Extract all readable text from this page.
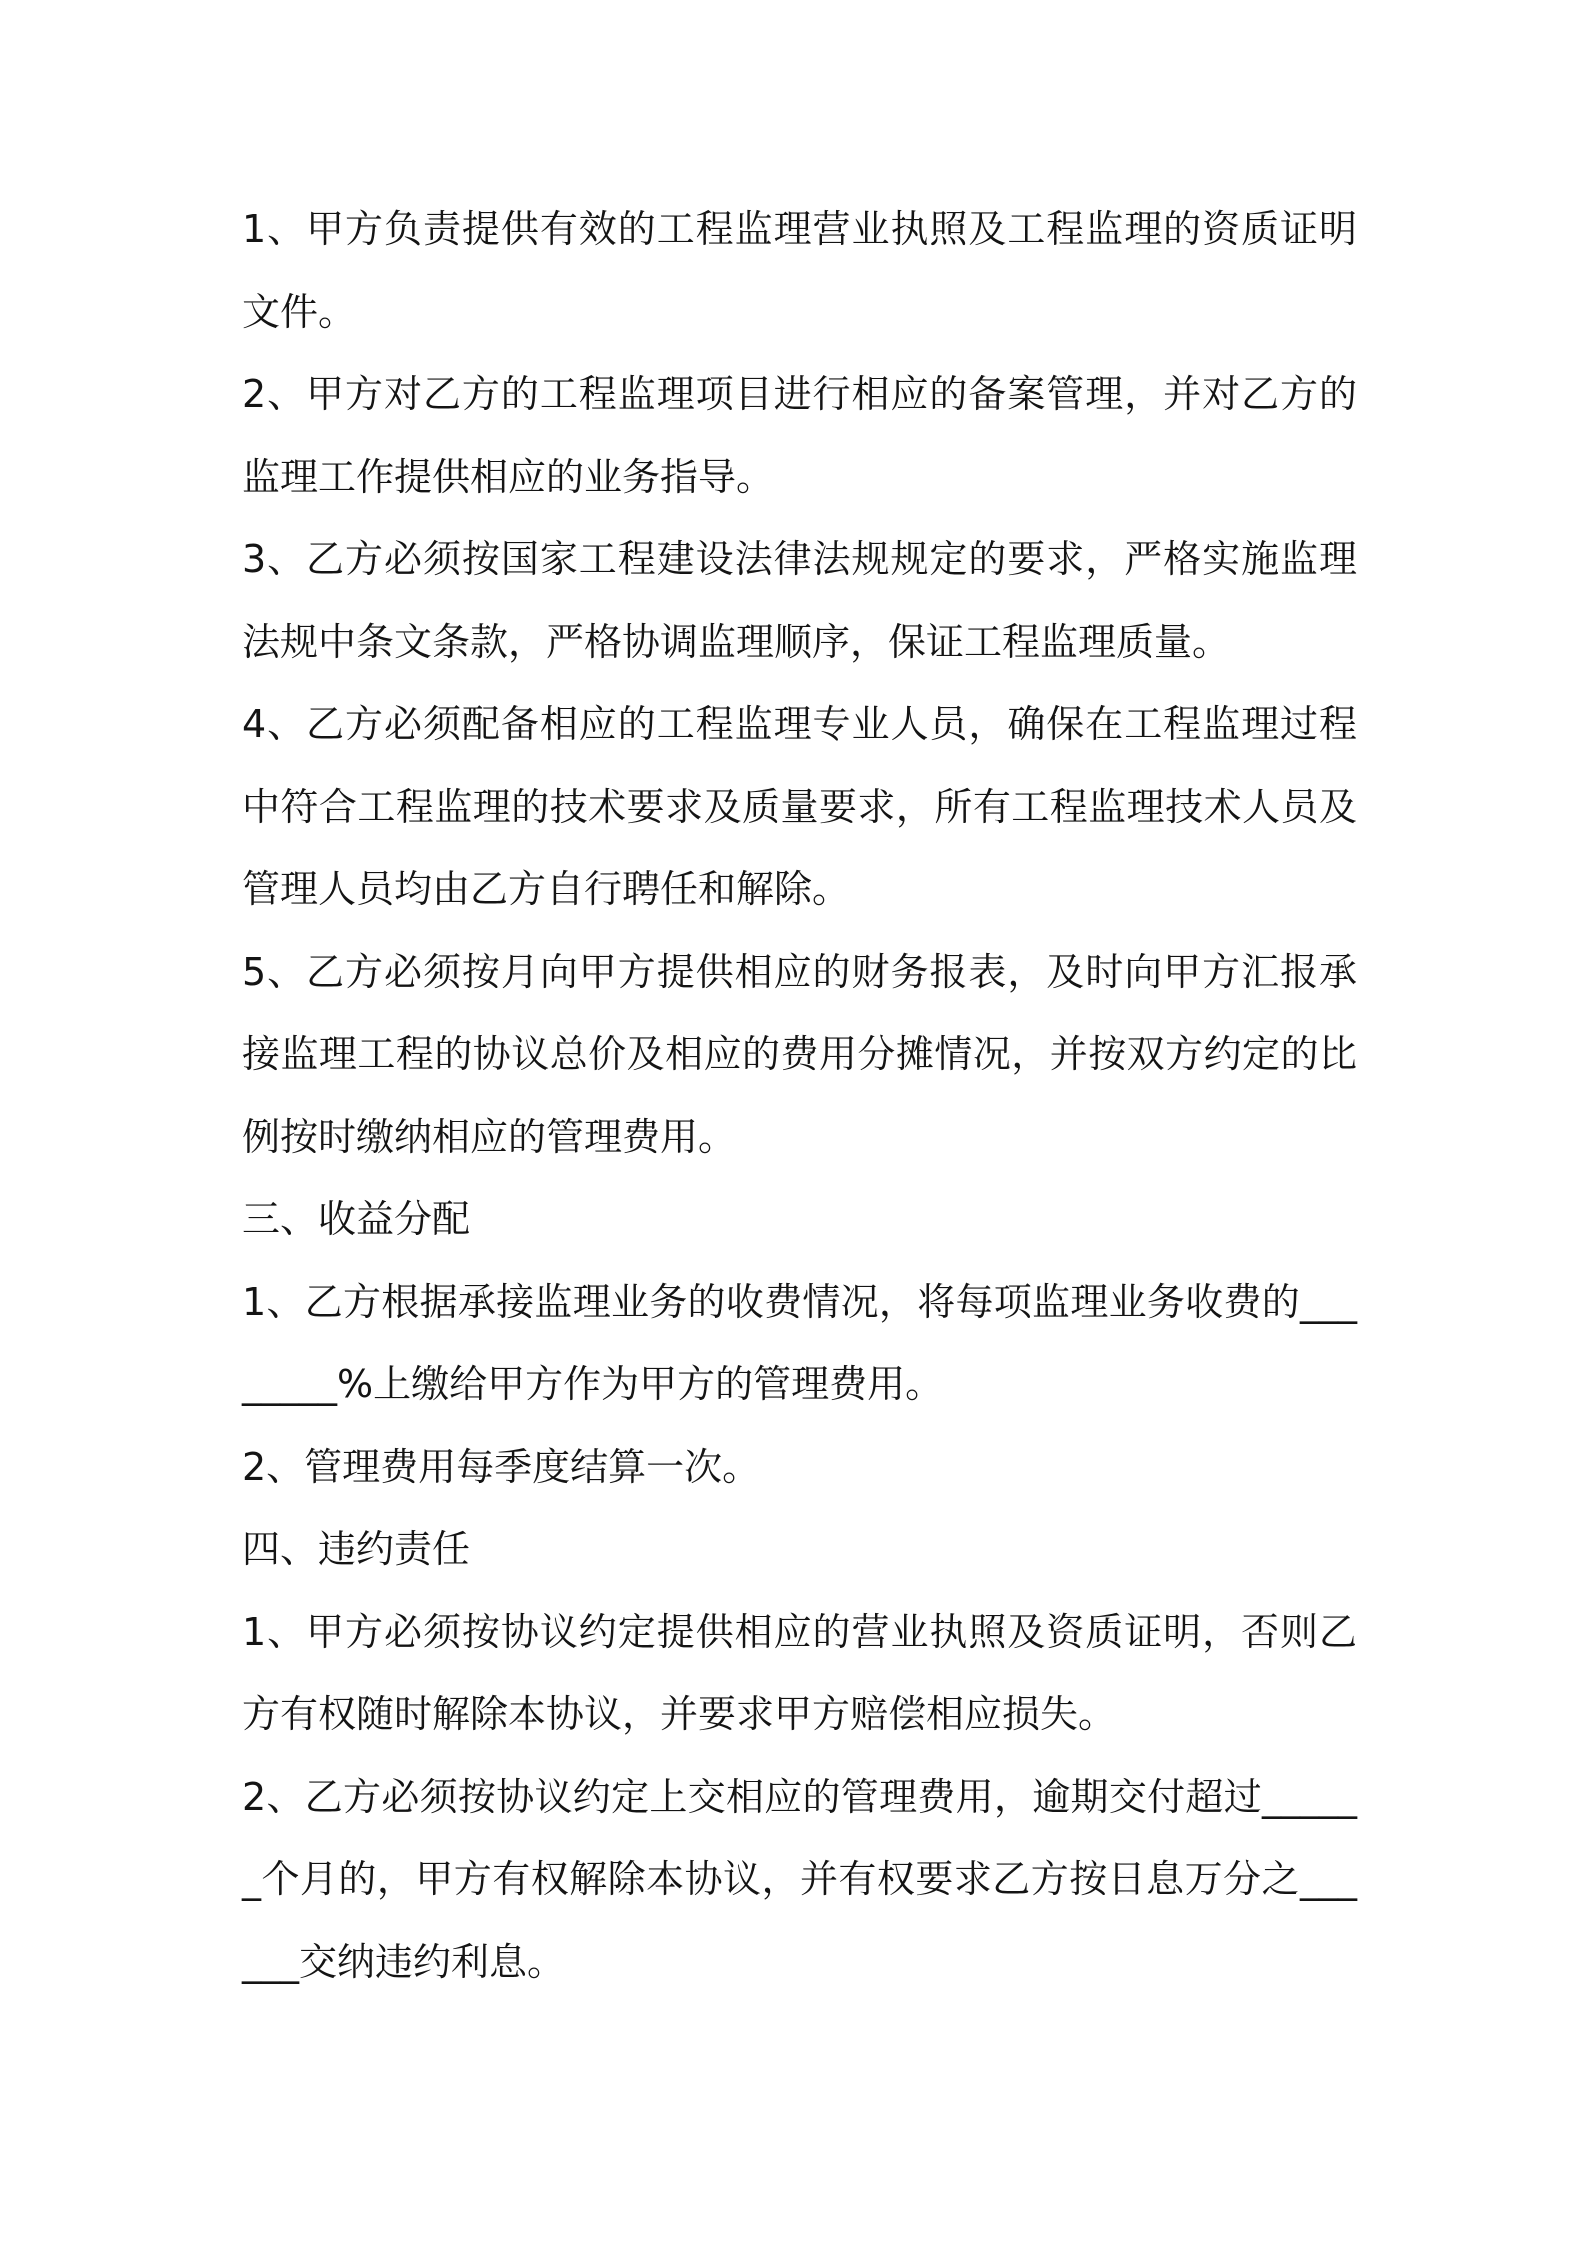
1、甲方负责提供有效的工程监理营业执照及工程监理的资质证明文件。

2、甲方对乙方的工程监理项目进行相应的备案管理，并对乙方的监理工作提供相应的业务指导。

3、乙方必须按国家工程建设法律法规规定的要求，严格实施监理法规中条文条款，严格协调监理顺序，保证工程监理质量。

4、乙方必须配备相应的工程监理专业人员，确保在工程监理过程中符合工程监理的技术要求及质量要求，所有工程监理技术人员及管理人员均由乙方自行聘任和解除。

5、乙方必须按月向甲方提供相应的财务报表，及时向甲方汇报承接监理工程的协议总价及相应的费用分摊情况，并按双方约定的比例按时缴纳相应的管理费用。

三、收益分配

1、乙方根据承接监理业务的收费情况，将每项监理业务收费的________%上缴给甲方作为甲方的管理费用。

2、管理费用每季度结算一次。

四、违约责任

1、甲方必须按协议约定提供相应的营业执照及资质证明，否则乙方有权随时解除本协议，并要求甲方赔偿相应损失。

2、乙方必须按协议约定上交相应的管理费用，逾期交付超过______个月的，甲方有权解除本协议，并有权要求乙方按日息万分之______交纳违约利息。
